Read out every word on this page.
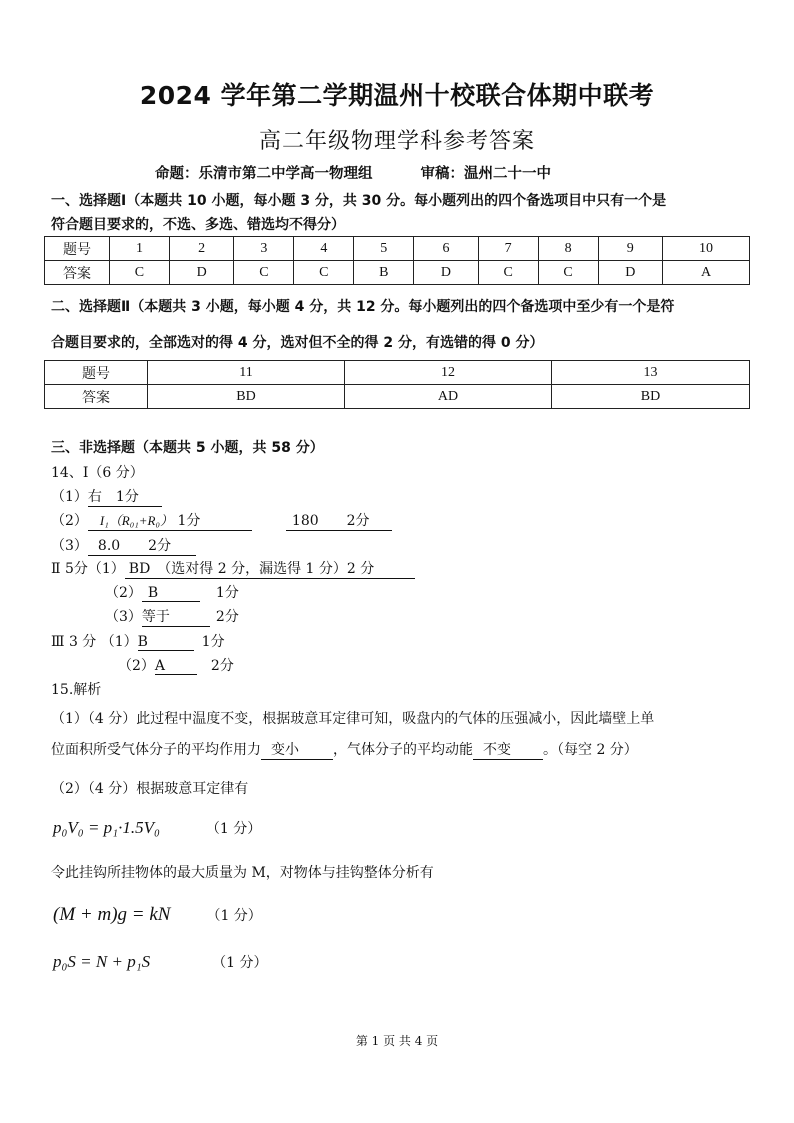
2024 学年第二学期温州十校联合体期中联考
高二年级物理学科参考答案
命题：乐清市第二中学高一物理组	审稿：温州二十一中
一、选择题Ⅰ（本题共 10 小题，每小题 3 分，共 30 分。每小题列出的四个备选项目中只有一个是
符合题目要求的，不选、多选、错选均不得分）
题号	1	2	3	4	5	6	7	8	9	10
答案	C	D	C	C	B	D	C	C	D	A
二、选择题Ⅱ（本题共 3 小题，每小题 4 分，共 12 分。每小题列出的四个备选项中至少有一个是符
合题目要求的，全部选对的得 4 分，选对但不全的得 2 分，有选错的得 0 分）
题号	11	12	13
答案	BD	AD	BD
三、非选择题（本题共 5 小题，共 58 分）
14、Ⅰ（6 分）
（1）右　1分
（2） I₁（R₀₁+R₀） 1分	180　　2分
（3） 8.0　　2分
Ⅱ 5分（1） BD　（选对得 2 分，漏选得 1 分）2 分
（2） B	1分
（3）等于	2分
Ⅲ 3 分 （1）B	1分
（2）A	2分
15.解析
（1）（4 分）此过程中温度不变，根据玻意耳定律可知，吸盘内的气体的压强减小，因此墙壁上单
位面积所受气体分子的平均作用力 变小 ，气体分子的平均动能 不变 。（每空 2 分）
（2）（4 分）根据玻意耳定律有
p₀V₀ = p₁·1.5V₀	（1 分）
令此挂钩所挂物体的最大质量为 M，对物体与挂钩整体分析有
(M + m)g = kN	（1 分）
p₀S = N + p₁S	（1 分）
第 1 页 共 4 页
